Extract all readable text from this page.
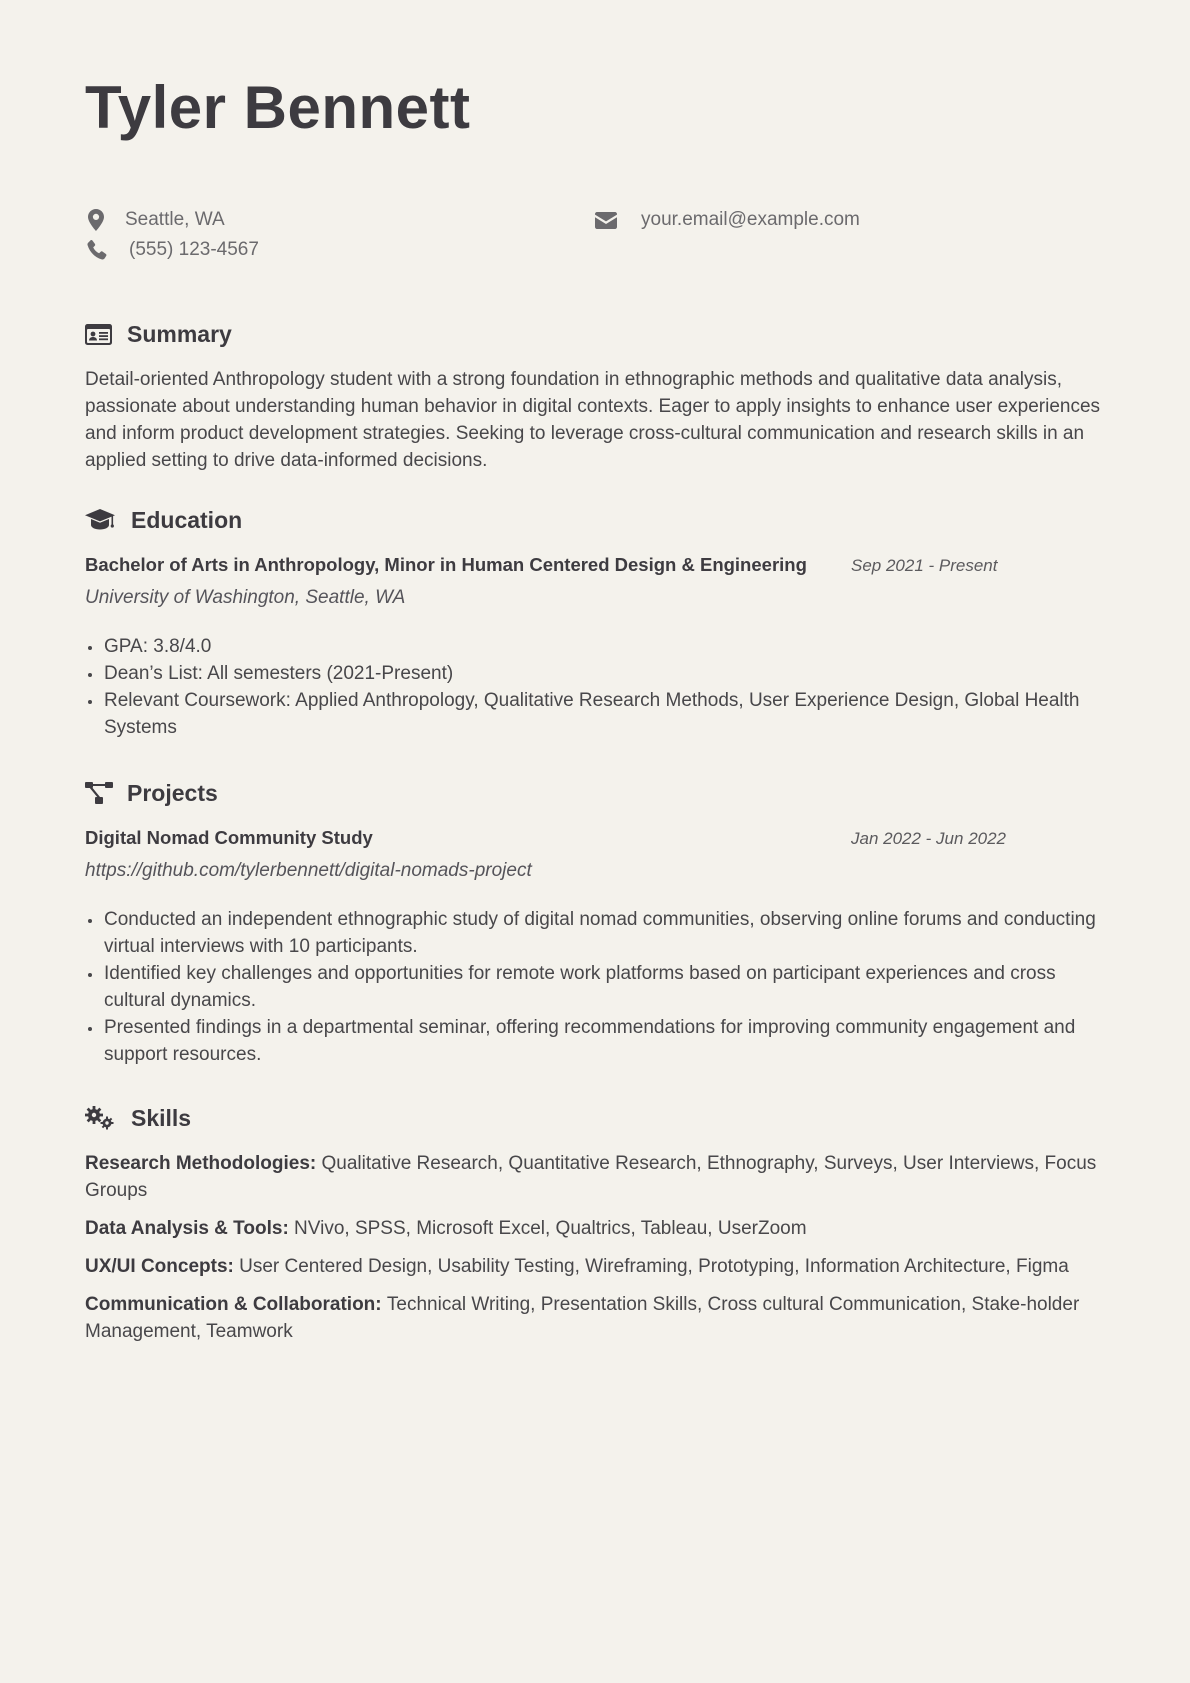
Tyler Bennett
Seattle, WA	your.email@example.com
(555) 123-4567
Summary

Detail-oriented Anthropology student with a strong foundation in ethnographic methods and qualitative data analysis, passionate about understanding human behavior in digital contexts. Eager to apply insights to enhance user experiences and inform product development strategies. Seeking to leverage cross-cultural communication and research skills in an applied setting to drive data-informed decisions.

Education
Bachelor of Arts in Anthropology, Minor in Human Centered Design & Engineering	Sep 2021 - Present
University of Washington, Seattle, WA
• GPA: 3.8/4.0
• Dean’s List: All semesters (2021-Present)
• Relevant Coursework: Applied Anthropology, Qualitative Research Methods, User Experience Design, Global Health Systems
Projects
Digital Nomad Community Study	Jan 2022 - Jun 2022
https://github.com/tylerbennett/digital-nomads-project
• Conducted an independent ethnographic study of digital nomad communities, observing online forums and conducting virtual interviews with 10 participants.
• Identified key challenges and opportunities for remote work platforms based on participant experiences and cross cultural dynamics.
• Presented findings in a departmental seminar, offering recommendations for improving community engagement and support resources.
Skills
Research Methodologies: Qualitative Research, Quantitative Research, Ethnography, Surveys, User Interviews, Focus Groups
Data Analysis & Tools: NVivo, SPSS, Microsoft Excel, Qualtrics, Tableau, UserZoom
UX/UI Concepts: User Centered Design, Usability Testing, Wireframing, Prototyping, Information Architecture, Figma
Communication & Collaboration: Technical Writing, Presentation Skills, Cross cultural Communication, Stake-holder Management, Teamwork
